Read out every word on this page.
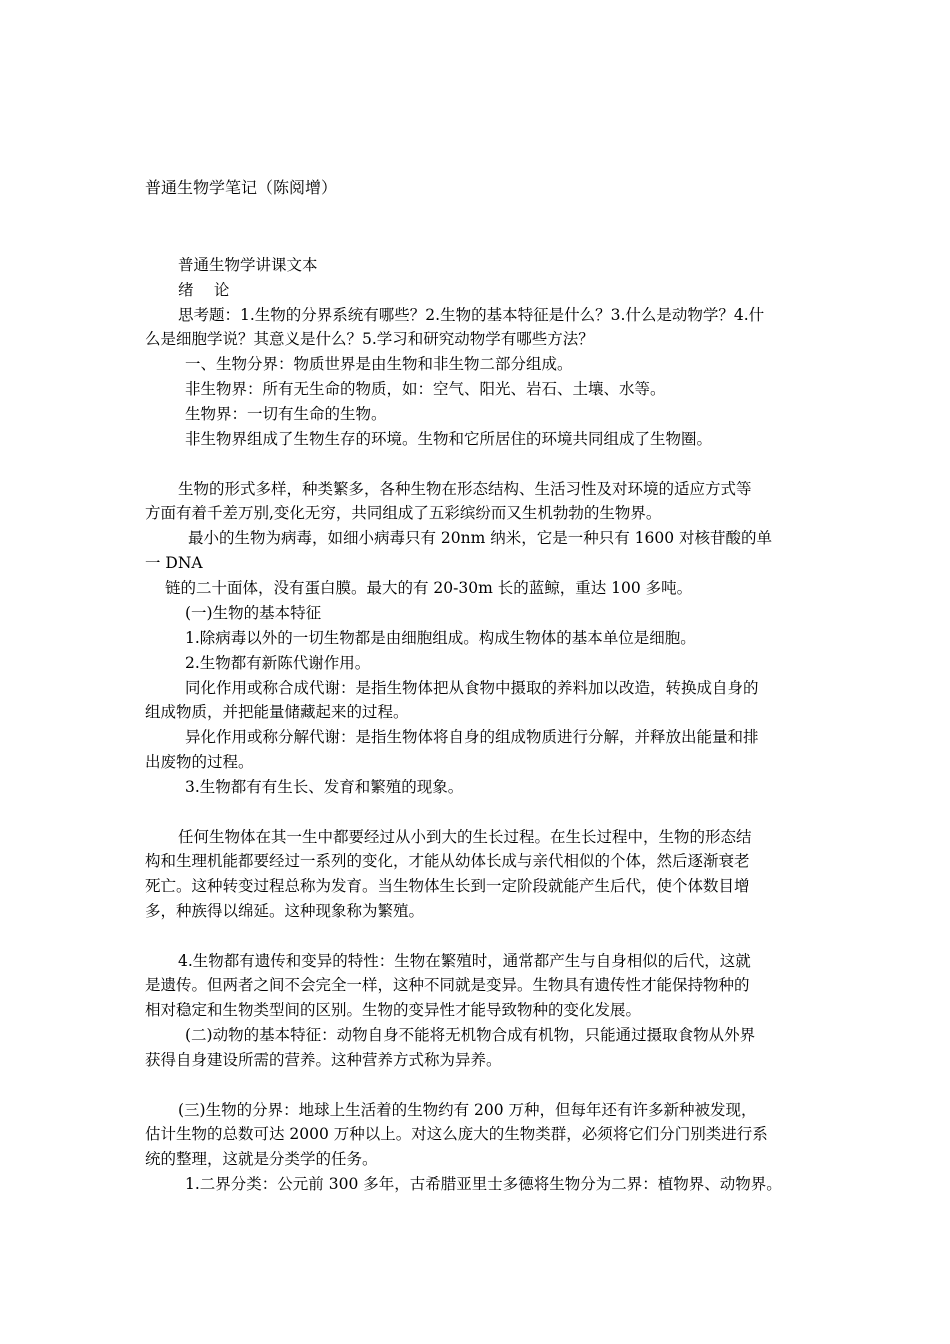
普通生物学笔记（陈阅增）
普通生物学讲课文本
绪　 论
思考题：1.生物的分界系统有哪些？2.生物的基本特征是什么？3.什么是动物学？4.什
么是细胞学说？其意义是什么？5.学习和研究动物学有哪些方法？
一、生物分界：物质世界是由生物和非生物二部分组成。
非生物界：所有无生命的物质，如：空气、阳光、岩石、土壤、水等。
生物界：一切有生命的生物。
非生物界组成了生物生存的环境。生物和它所居住的环境共同组成了生物圈。
生物的形式多样，种类繁多，各种生物在形态结构、生活习性及对环境的适应方式等
方面有着千差万别,变化无穷，共同组成了五彩缤纷而又生机勃勃的生物界。
最小的生物为病毒，如细小病毒只有 20nm 纳米，它是一种只有 1600 对核苷酸的单
一 DNA
链的二十面体，没有蛋白膜。最大的有 20-30m 长的蓝鲸，重达 100 多吨。
(一)生物的基本特征
1.除病毒以外的一切生物都是由细胞组成。构成生物体的基本单位是细胞。
2.生物都有新陈代谢作用。
同化作用或称合成代谢：是指生物体把从食物中摄取的养料加以改造，转换成自身的
组成物质，并把能量储藏起来的过程。
异化作用或称分解代谢：是指生物体将自身的组成物质进行分解，并释放出能量和排
出废物的过程。
3.生物都有有生长、发育和繁殖的现象。
任何生物体在其一生中都要经过从小到大的生长过程。在生长过程中，生物的形态结
构和生理机能都要经过一系列的变化，才能从幼体长成与亲代相似的个体，然后逐渐衰老
死亡。这种转变过程总称为发育。当生物体生长到一定阶段就能产生后代，使个体数目增
多，种族得以绵延。这种现象称为繁殖。
4.生物都有遗传和变异的特性：生物在繁殖时，通常都产生与自身相似的后代，这就
是遗传。但两者之间不会完全一样，这种不同就是变异。生物具有遗传性才能保持物种的
相对稳定和生物类型间的区别。生物的变异性才能导致物种的变化发展。
(二)动物的基本特征：动物自身不能将无机物合成有机物，只能通过摄取食物从外界
获得自身建设所需的营养。这种营养方式称为异养。
(三)生物的分界：地球上生活着的生物约有 200 万种，但每年还有许多新种被发现，
估计生物的总数可达 2000 万种以上。对这么庞大的生物类群，必须将它们分门别类进行系
统的整理，这就是分类学的任务。
1.二界分类：公元前 300 多年，古希腊亚里士多德将生物分为二界：植物界、动物界。
